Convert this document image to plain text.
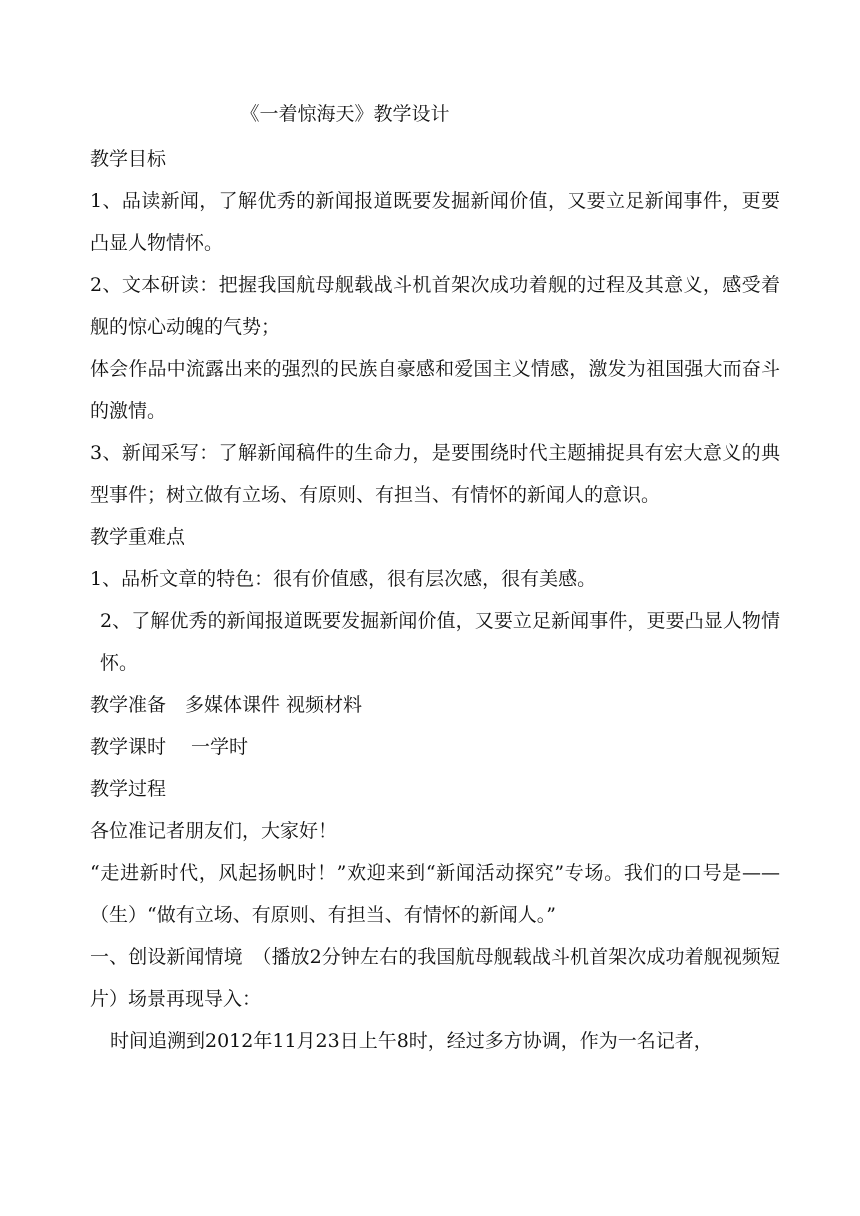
《一着惊海天》教学设计

教学目标

1、品读新闻，了解优秀的新闻报道既要发掘新闻价值，又要立足新闻事件，更要凸显人物情怀。

2、文本研读：把握我国航母舰载战斗机首架次成功着舰的过程及其意义，感受着舰的惊心动魄的气势；

体会作品中流露出来的强烈的民族自豪感和爱国主义情感，激发为祖国强大而奋斗的激情。

3、新闻采写：了解新闻稿件的生命力，是要围绕时代主题捕捉具有宏大意义的典型事件；树立做有立场、有原则、有担当、有情怀的新闻人的意识。

教学重难点

1、品析文章的特色：很有价值感，很有层次感，很有美感。

2、了解优秀的新闻报道既要发掘新闻价值，又要立足新闻事件，更要凸显人物情怀。

教学准备　多媒体课件 视频材料

教学课时　 一学时

教学过程

各位准记者朋友们，大家好！

“走进新时代，风起扬帆时！”欢迎来到“新闻活动探究”专场。我们的口号是——（生）“做有立场、有原则、有担当、有情怀的新闻人。”

一、创设新闻情境　（播放2分钟左右的我国航母舰载战斗机首架次成功着舰视频短片）场景再现导入：

时间追溯到2012年11月23日上午8时，经过多方协调，作为一名记者，
